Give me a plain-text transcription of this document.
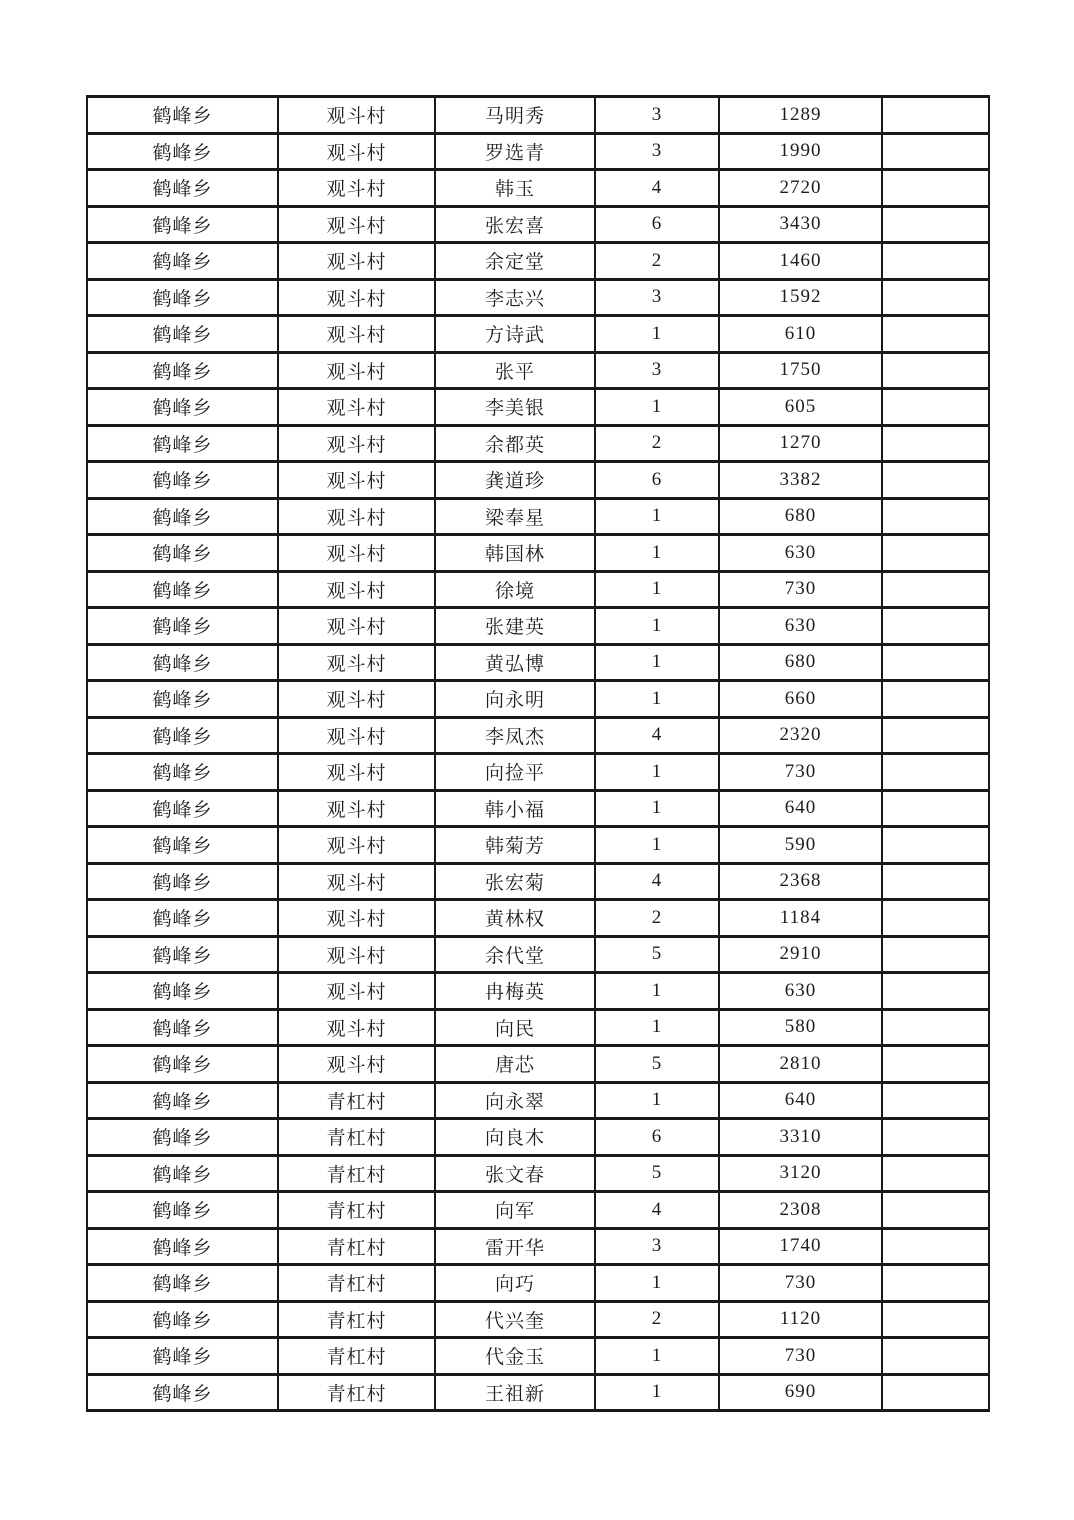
鹤峰乡	观斗村	马明秀	3	1289	
鹤峰乡	观斗村	罗选青	3	1990	
鹤峰乡	观斗村	韩玉	4	2720	
鹤峰乡	观斗村	张宏喜	6	3430	
鹤峰乡	观斗村	余定堂	2	1460	
鹤峰乡	观斗村	李志兴	3	1592	
鹤峰乡	观斗村	方诗武	1	610	
鹤峰乡	观斗村	张平	3	1750	
鹤峰乡	观斗村	李美银	1	605	
鹤峰乡	观斗村	余都英	2	1270	
鹤峰乡	观斗村	龚道珍	6	3382	
鹤峰乡	观斗村	梁奉星	1	680	
鹤峰乡	观斗村	韩国林	1	630	
鹤峰乡	观斗村	徐境	1	730	
鹤峰乡	观斗村	张建英	1	630	
鹤峰乡	观斗村	黄弘博	1	680	
鹤峰乡	观斗村	向永明	1	660	
鹤峰乡	观斗村	李凤杰	4	2320	
鹤峰乡	观斗村	向捡平	1	730	
鹤峰乡	观斗村	韩小福	1	640	
鹤峰乡	观斗村	韩菊芳	1	590	
鹤峰乡	观斗村	张宏菊	4	2368	
鹤峰乡	观斗村	黄林权	2	1184	
鹤峰乡	观斗村	余代堂	5	2910	
鹤峰乡	观斗村	冉梅英	1	630	
鹤峰乡	观斗村	向民	1	580	
鹤峰乡	观斗村	唐芯	5	2810	
鹤峰乡	青杠村	向永翠	1	640	
鹤峰乡	青杠村	向良木	6	3310	
鹤峰乡	青杠村	张文春	5	3120	
鹤峰乡	青杠村	向军	4	2308	
鹤峰乡	青杠村	雷开华	3	1740	
鹤峰乡	青杠村	向巧	1	730	
鹤峰乡	青杠村	代兴奎	2	1120	
鹤峰乡	青杠村	代金玉	1	730	
鹤峰乡	青杠村	王祖新	1	690	
